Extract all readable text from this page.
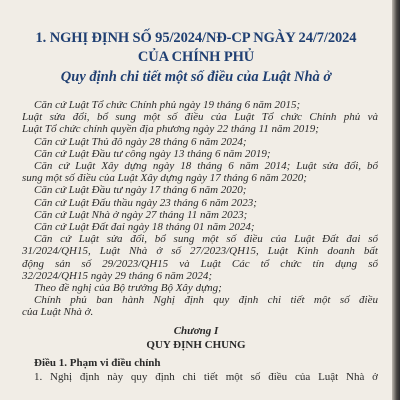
1. NGHỊ ĐỊNH SỐ 95/2024/NĐ-CP NGÀY 24/7/2024
CỦA CHÍNH PHỦ
Quy định chi tiết một số điều của Luật Nhà ở
Căn cứ Luật Tổ chức Chính phủ ngày 19 tháng 6 năm 2015;
Luật sửa đổi, bổ sung một số điều của Luật Tổ chức Chính phủ và
Luật Tổ chức chính quyền địa phương ngày 22 tháng 11 năm 2019;
Căn cứ Luật Thủ đô ngày 28 tháng 6 năm 2024;
Căn cứ Luật Đầu tư công ngày 13 tháng 6 năm 2019;
Căn cứ Luật Xây dựng ngày 18 tháng 6 năm 2014; Luật sửa đổi, bổ
sung một số điều của Luật Xây dựng ngày 17 tháng 6 năm 2020;
Căn cứ Luật Đầu tư ngày 17 tháng 6 năm 2020;
Căn cứ Luật Đấu thầu ngày 23 tháng 6 năm 2023;
Căn cứ Luật Nhà ở ngày 27 tháng 11 năm 2023;
Căn cứ Luật Đất đai ngày 18 tháng 01 năm 2024;
Căn cứ Luật sửa đổi, bổ sung một số điều của Luật Đất đai số
31/2024/QH15, Luật Nhà ở số 27/2023/QH15, Luật Kinh doanh bất
động sản số 29/2023/QH15 và Luật Các tổ chức tín dụng số
32/2024/QH15 ngày 29 tháng 6 năm 2024;
Theo đề nghị của Bộ trưởng Bộ Xây dựng;
Chính phủ ban hành Nghị định quy định chi tiết một số điều
của Luật Nhà ở.
Chương I
QUY ĐỊNH CHUNG
Điều 1. Phạm vi điều chỉnh
1. Nghị định này quy định chi tiết một số điều của Luật Nhà ở
